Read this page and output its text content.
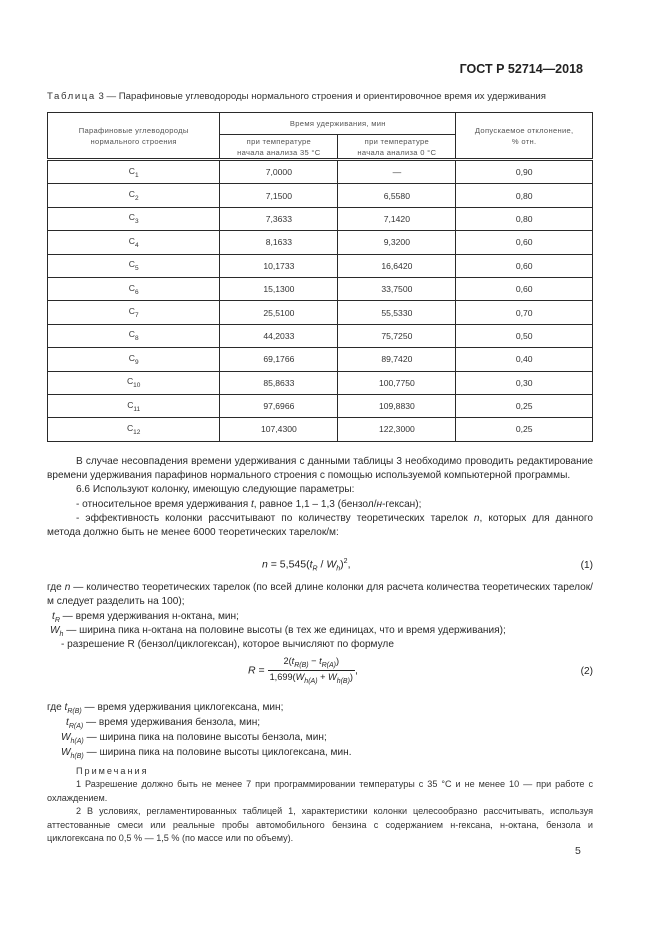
ГОСТ Р 52714—2018
Таблица 3 — Парафиновые углеводороды нормального строения и ориентировочное время их удерживания
Парафиновые углеводороды нормального строения	Время удерживания, мин		Допускаемое отклонение, % отн.
	при температуре начала анализа 35 °С	при температуре начала анализа 0 °С	
$C_1$	7,0000	—	0,90
$C_2$	7,1500	6,5580	0,80
$C_3$	7,3633	7,1420	0,80
$C_4$	8,1633	9,3200	0,60
$C_5$	10,1733	16,6420	0,60
$C_6$	15,1300	33,7500	0,60
$C_7$	25,5100	55,5330	0,70
$C_8$	44,2033	75,7250	0,50
$C_9$	69,1766	89,7420	0,40
$C_{10}$	85,8633	100,7750	0,30
$C_{11}$	97,6966	109,8830	0,25
$C_{12}$	107,4300	122,3000	0,25
В случае несовпадения времени удерживания с данными таблицы 3 необходимо проводить редактирование времени удерживания парафинов нормального строения с помощью используемой компьютерной программы.
6.6 Используют колонку, имеющую следующие параметры:
- относительное время удерживания t, равное 1,1 – 1,3 (бензол/н-гексан);
- эффективность колонки рассчитывают по количеству теоретических тарелок n, которых для данного метода должно быть не менее 6000 теоретических тарелок/м:
$n = 5,545(t_R / W_h)^2$,	(1)
где n — количество теоретических тарелок (по всей длине колонки для расчета количества теоретических тарелок/м следует разделить на 100);
$t_R$ — время удерживания н-октана, мин;
$W_h$ — ширина пика н-октана на половине высоты (в тех же единицах, что и время удерживания);
- разрешение R (бензол/циклогексан), которое вычисляют по формуле
$R = \frac{2(t_{R(B)} - t_{R(A)})}{1,699(W_{h(A)} + W_{h(B)})}$ ,	(2)
где $t_{R(B)}$ — время удерживания циклогексана, мин;
$t_{R(A)}$ — время удерживания бензола, мин;
$W_{h(A)}$ — ширина пика на половине высоты бензола, мин;
$W_{h(B)}$ — ширина пика на половине высоты циклогексана, мин.
Примечания
1 Разрешение должно быть не менее 7 при программировании температуры с 35 °С и не менее 10 — при работе с охлаждением.
2 В условиях, регламентированных таблицей 1, характеристики колонки целесообразно рассчитывать, используя аттестованные смеси или реальные пробы автомобильного бензина с содержанием н-гексана, н-октана, бензола и циклогексана по 0,5 % — 1,5 % (по массе или по объему).
5
